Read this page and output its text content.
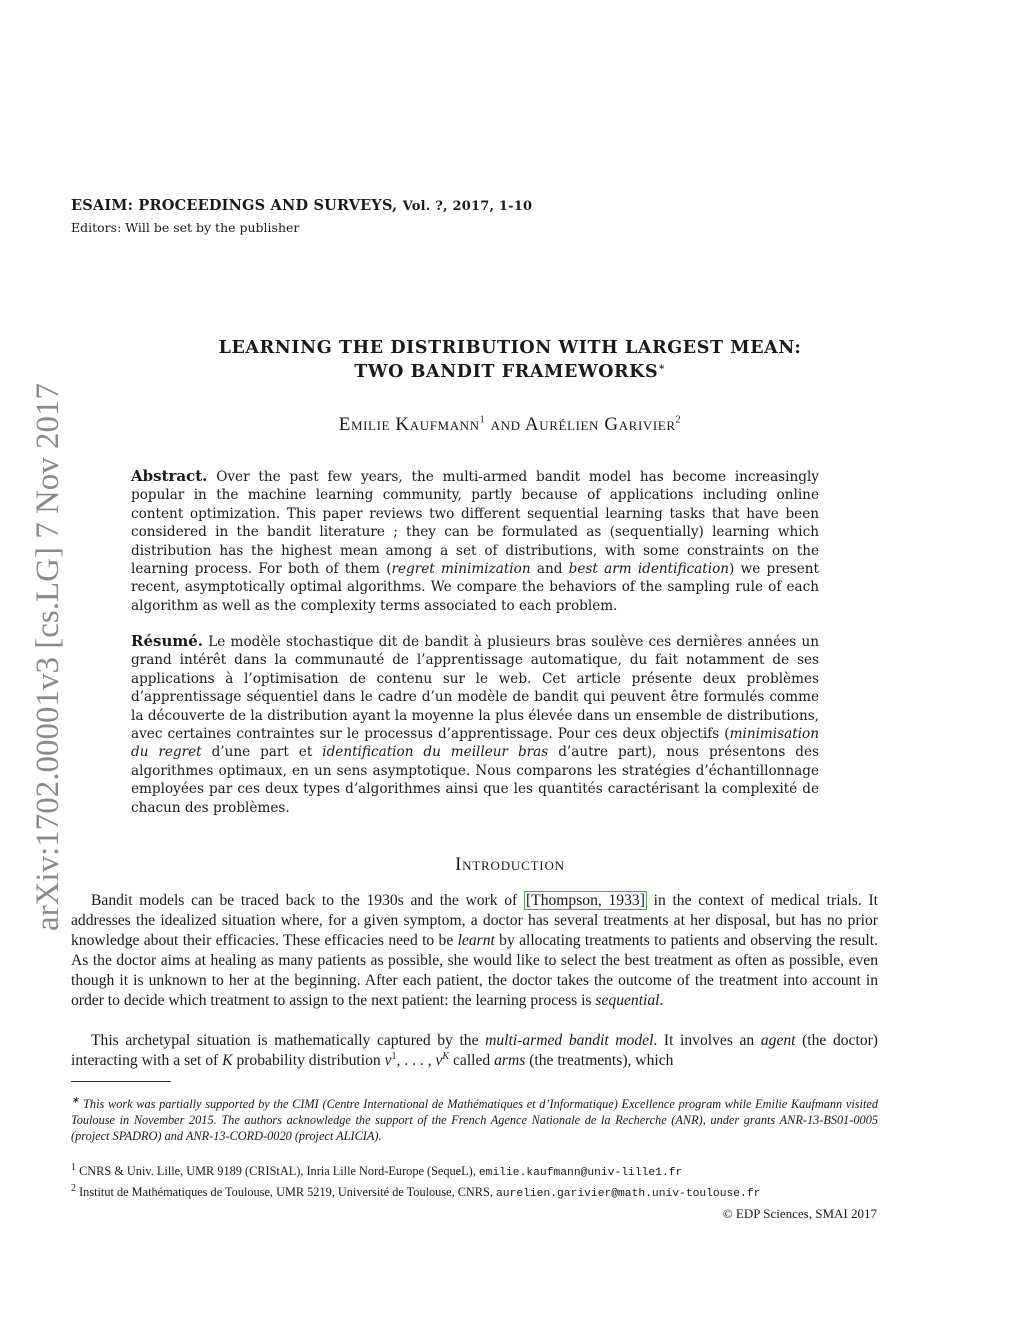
arXiv:1702.00001v3 [cs.LG] 7 Nov 2017
ESAIM: PROCEEDINGS AND SURVEYS, Vol. ?, 2017, 1-10
Editors: Will be set by the publisher
LEARNING THE DISTRIBUTION WITH LARGEST MEAN:
TWO BANDIT FRAMEWORKS∗
Emilie Kaufmann$^1$ and Aurélien Garivier$^2$

Abstract. Over the past few years, the multi-armed bandit model has become increasingly popular in the machine learning community, partly because of applications including online content optimization. This paper reviews two different sequential learning tasks that have been considered in the bandit literature ; they can be formulated as (sequentially) learning which distribution has the highest mean among a set of distributions, with some constraints on the learning process. For both of them (regret minimization and best arm identification) we present recent, asymptotically optimal algorithms. We compare the behaviors of the sampling rule of each algorithm as well as the complexity terms associated to each problem.

Résumé. Le modèle stochastique dit de bandit à plusieurs bras soulève ces dernières années un grand intérêt dans la communauté de l’apprentissage automatique, du fait notamment de ses applications à l’optimisation de contenu sur le web. Cet article présente deux problèmes d’apprentissage séquentiel dans le cadre d’un modèle de bandit qui peuvent être formulés comme la découverte de la distribution ayant la moyenne la plus élevée dans un ensemble de distributions, avec certaines contraintes sur le processus d’apprentissage. Pour ces deux objectifs (minimisation du regret d’une part et identification du meilleur bras d’autre part), nous présentons des algorithmes optimaux, en un sens asymptotique. Nous comparons les stratégies d’échantillonnage employées par ces deux types d’algorithmes ainsi que les quantités caractérisant la complexité de chacun des problèmes.

Introduction

Bandit models can be traced back to the 1930s and the work of [Thompson, 1933] in the context of medical trials. It addresses the idealized situation where, for a given symptom, a doctor has several treatments at her disposal, but has no prior knowledge about their efficacies. These efficacies need to be learnt by allocating treatments to patients and observing the result. As the doctor aims at healing as many patients as possible, she would like to select the best treatment as often as possible, even though it is unknown to her at the beginning. After each patient, the doctor takes the outcome of the treatment into account in order to decide which treatment to assign to the next patient: the learning process is sequential.

This archetypal situation is mathematically captured by the multi-armed bandit model. It involves an agent (the doctor) interacting with a set of K probability distribution $\nu^1$, . . . , $\nu^K$ called arms (the treatments), which

∗ This work was partially supported by the CIMI (Centre International de Mathématiques et d’Informatique) Excellence program while Emilie Kaufmann visited Toulouse in November 2015. The authors acknowledge the support of the French Agence Nationale de la Recherche (ANR), under grants ANR-13-BS01-0005 (project SPADRO) and ANR-13-CORD-0020 (project ALICIA).

$^1$ CNRS & Univ. Lille, UMR 9189 (CRIStAL), Inria Lille Nord-Europe (SequeL), emilie.kaufmann@univ-lille1.fr

$^2$ Institut de Mathématiques de Toulouse, UMR 5219, Université de Toulouse, CNRS, aurelien.garivier@math.univ-toulouse.fr

© EDP Sciences, SMAI 2017
